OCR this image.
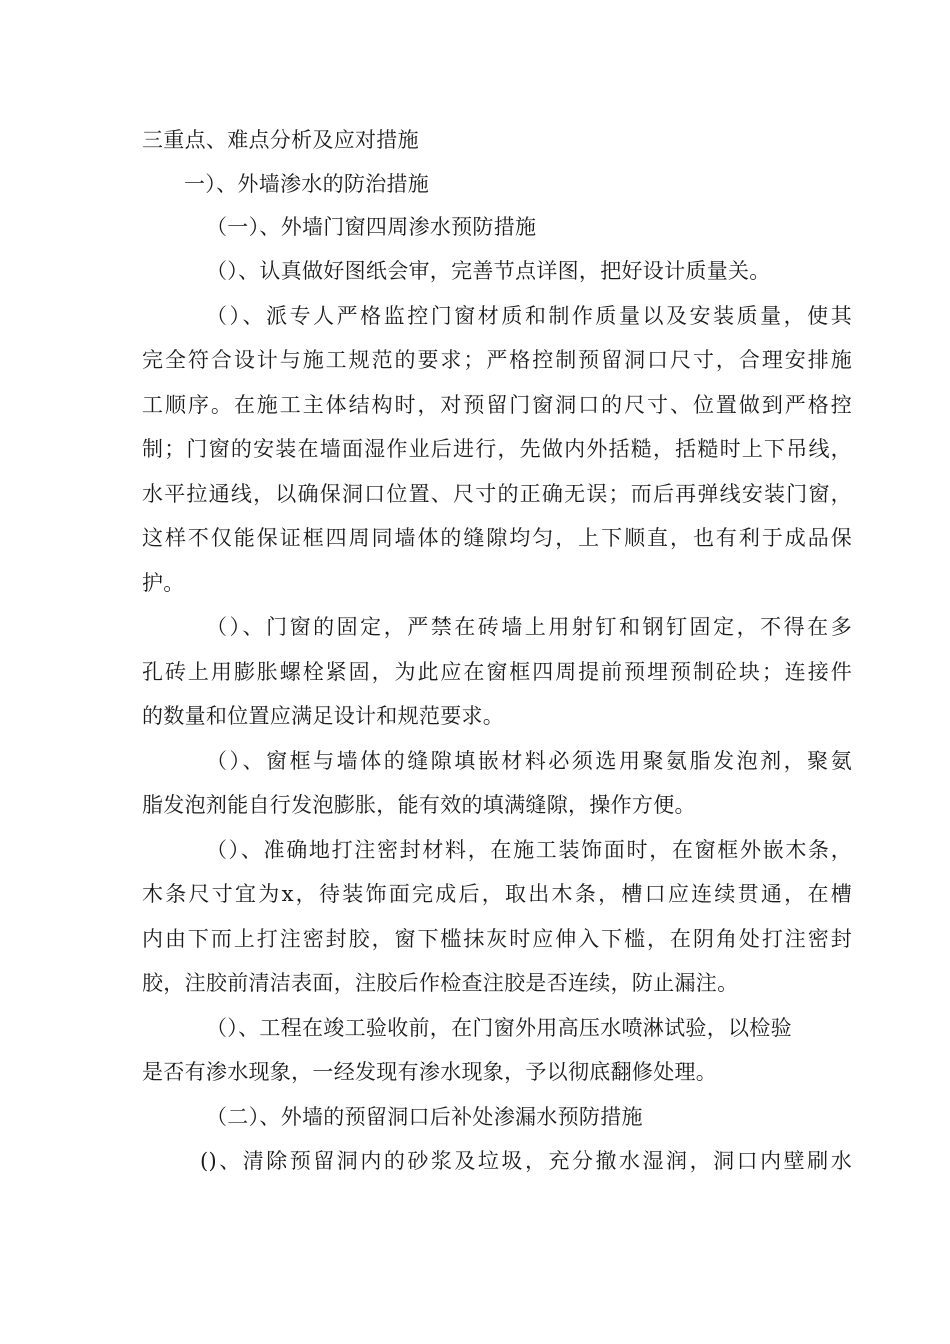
三重点、难点分析及应对措施
一）、外墙渗水的防治措施
（一）、外墙门窗四周渗水预防措施
（）、认真做好图纸会审，完善节点详图，把好设计质量关。
（）、派专人严格监控门窗材质和制作质量以及安装质量，使其
完全符合设计与施工规范的要求；严格控制预留洞口尺寸，合理安排施
工顺序。在施工主体结构时，对预留门窗洞口的尺寸、位置做到严格控
制；门窗的安装在墙面湿作业后进行，先做内外括糙，括糙时上下吊线，
水平拉通线，以确保洞口位置、尺寸的正确无误；而后再弹线安装门窗，
这样不仅能保证框四周同墙体的缝隙均匀，上下顺直，也有利于成品保
护。
（）、门窗的固定，严禁在砖墙上用射钉和钢钉固定，不得在多
孔砖上用膨胀螺栓紧固，为此应在窗框四周提前预埋预制砼块；连接件
的数量和位置应满足设计和规范要求。
（）、窗框与墙体的缝隙填嵌材料必须选用聚氨脂发泡剂，聚氨
脂发泡剂能自行发泡膨胀，能有效的填满缝隙，操作方便。
（）、准确地打注密封材料，在施工装饰面时，在窗框外嵌木条，
木条尺寸宜为x，待装饰面完成后，取出木条，槽口应连续贯通，在槽
内由下而上打注密封胶，窗下槛抹灰时应伸入下槛，在阴角处打注密封
胶，注胶前清洁表面，注胶后作检查注胶是否连续，防止漏注。
（）、工程在竣工验收前，在门窗外用高压水喷淋试验，以检验
是否有渗水现象，一经发现有渗水现象，予以彻底翻修处理。
（二）、外墙的预留洞口后补处渗漏水预防措施
()、清除预留洞内的砂浆及垃圾，充分撤水湿润，洞口内壁刷水
